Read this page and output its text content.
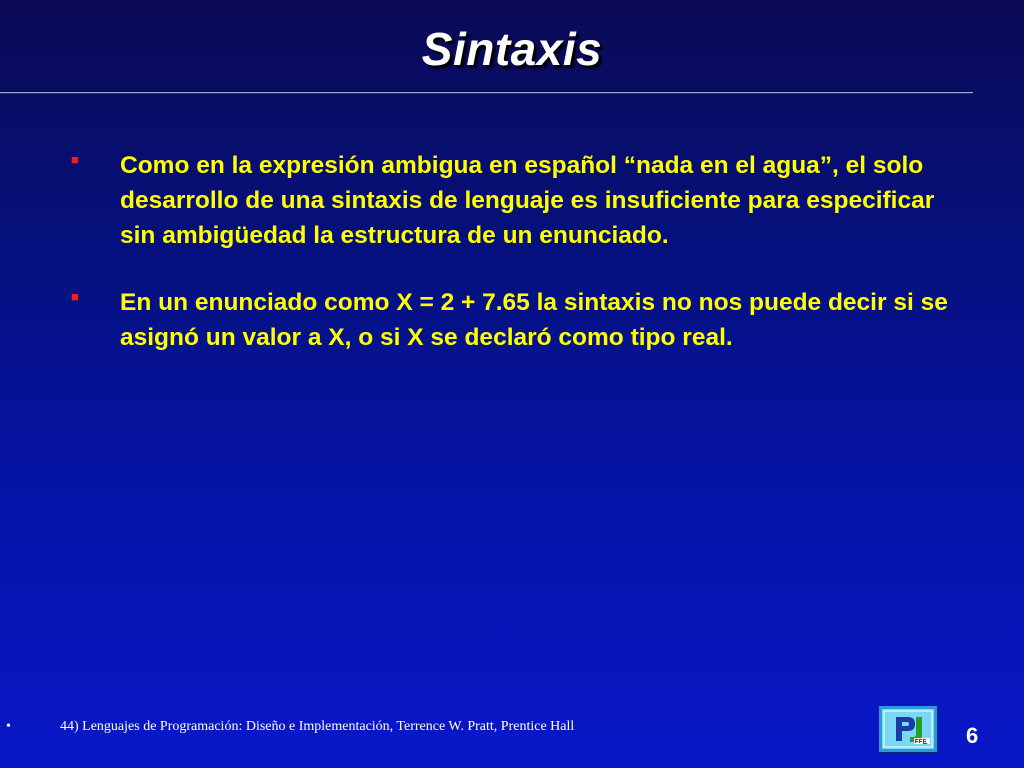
Sintaxis
■ Como en la expresión ambigua en español “nada en el agua”, el solo desarrollo de una sintaxis de lenguaje es insuficiente para especificar sin ambigüedad la estructura de un enunciado.
■ En un enunciado como X = 2 + 7.65 la sintaxis no nos puede decir si se asignó un valor a X, o si X se declaró como tipo real.
•	44) Lenguajes de Programación: Diseño e Implementación, Terrence W. Pratt, Prentice Hall	6
